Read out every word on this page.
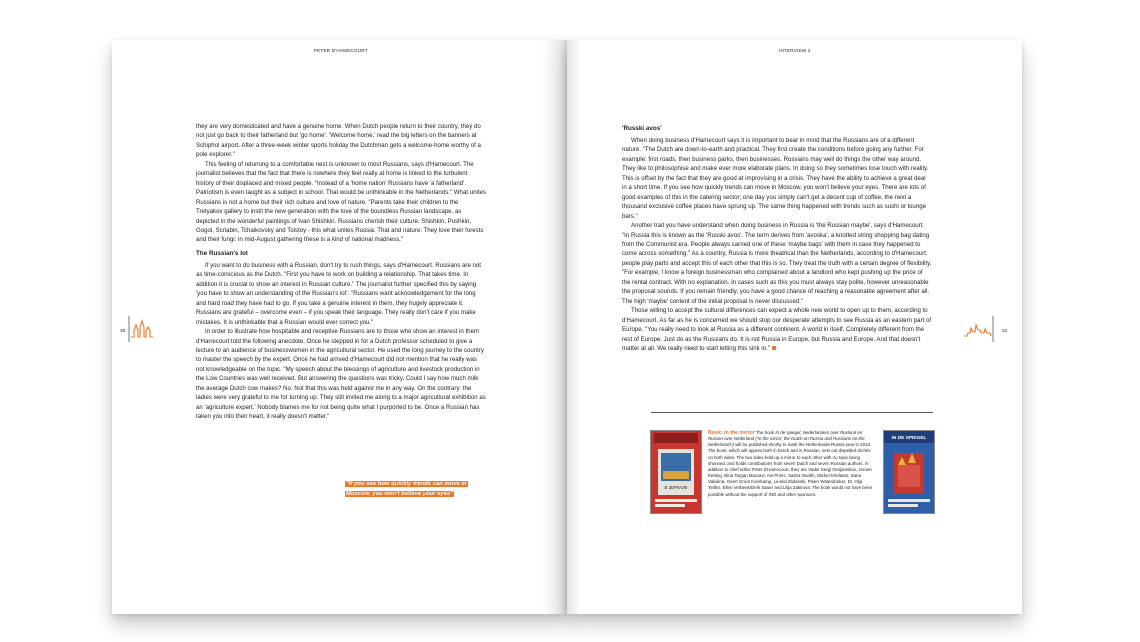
PETER D'HAMECOURT

they are very domesticated and have a genuine home. When Dutch people return to their country, they do not just go back to their fatherland but 'go home'. 'Welcome home,' read the big letters on the banners at Schiphol airport. After a three-week winter sports holiday the Dutchman gets a welcome-home worthy of a pole explorer."

This feeling of returning to a comfortable nest is unknown to most Russians, says d'Hamecourt. The journalist believes that the fact that there is nowhere they feel really at home is linked to the turbulent history of their displaced and mixed people. "Instead of a 'home nation' Russians have 'a fatherland'. Patriotism is even taught as a subject in school. That would be unthinkable in the Netherlands." What unites Russians is not a home but their rich culture and love of nature. "Parents take their children to the Tretyakov gallery to instil the new generation with the love of the boundless Russian landscape, as depicted in the wonderful paintings of Ivan Shishkin. Russians cherish their culture. Shishkin, Pushkin, Gogol, Scriabin, Tchaikovsky and Tolstoy - this what unites Russia. That and nature. They love their forests and their fungi: in mid-August gathering these is a kind of national madness."

The Russian's lot

If you want to do business with a Russian, don't try to rush things, says d'Hamecourt. Russians are not as time-conscious as the Dutch. "First you have to work on building a relationship. That takes time. In addition it is crucial to show an interest in Russian culture." The journalist further specified this by saying 'you have to show an understanding of the Russian's lot'. "Russians want acknowledgement for the long and hard road they have had to go. If you take a genuine interest in them, they hugely appreciate it. Russians are grateful – overcome even – if you speak their language. They really don't care if you make mistakes. It is unthinkable that a Russian would ever correct you."

In order to illustrate how hospitable and receptive Russians are to those who show an interest in them d'Harrecourt told the following anecdote. Once he stepped in for a Dutch professor scheduled to give a lecture to an audience of businesswomen in the agricultural sector. He used the long journey to the country to master the speech by the expert. Once he had arrived d'Hamecourt did not mention that he really was not knowledgeable on the topic. "My speech about the blessings of agriculture and livestock production in the Low Countries was well received. But answering the questions was tricky. Could I say how much milk the average Dutch cow makes? No. Not that this was held against me in any way. On the contrary: the ladies were very grateful to me for turning up. They still invited me along to a major agricultural exhibition as an 'agriculture expert.' Nobody blames me for not being quite what I purported to be. Once a Russian has taken you into their heart, it really doesn't matter."

"If you see how quickly trends can move in Moscow, you won't believe your eyes"
30
INTERVIEW 2
'Russki avos'

When doing business d'Hamecourt says it is important to bear in mind that the Russians are of a different nature. "The Dutch are down-to-earth and practical. They first create the conditions before going any further. For example: first roads, then business parks, then businesses. Russians may well do things the other way around. They like to philosophise and make ever more elaborate plans. In doing so they sometimes lose touch with reality. This is offset by the fact that they are good at improvising in a crisis. They have the ability to achieve a great deal in a short time. If you see how quickly trends can move in Moscow, you won't believe your eyes. There are lots of good examples of this in the catering sector; one day you simply can't get a decent cup of coffee, the next a thousand exclusive coffee places have sprung up. The same thing happened with trends such as sushi or lounge bars."

Another trait you have understand when doing business in Russia is 'the Russian maybe', says d'Hamecourt. "In Russia this is known as the 'Russki avos'. The term derives from 'avoska', a knotted string shopping bag dating from the Communist era. People always carried one of these 'maybe bags' with them in case they happened to come across something." As a country, Russia is more theatrical than the Netherlands, according to d'Hamecourt; people play parts and accept this of each other that this is so. They treat the truth with a certain degree of flexibility. "For example, I know a foreign businessman who complained about a landlord who kept pushing up the price of the rental contract. With no explanation. In cases such as this you must always stay polite, however unreasonable the proposal sounds. If you remain friendly, you have a good chance of reaching a reasonable agreement after all. The high 'maybe' content of the initial proposal is never discussed."

Those willing to accept the cultural differences can expect a whole new world to open up to them, according to d'Hamecourt. As far as he is concerned we should stop our desperate attempts to see Russia as an eastern part of Europe. "You really need to look at Russia as a different continent. A world in itself. Completely different from the rest of Europe. Just do as the Russians do. It is not Russia in Europe, but Russia and Europe. And that doesn't matter at all. We really need to start letting this sink in."

В ЗЕРКАЛЕ
Book: In the mirror The book In de spiegel, Nederlanders over Rusland en Russen over Nederland ('In the mirror; the Dutch on Russia and Russians on the Netherlands') will be published shortly to mark the Netherlands-Russia year in 2013. The book, which will appear both in Dutch and in Russian, sets out dispelled clichés on both sides. The two sides hold up a mirror to each other with no topic being shunned, and holds contributions from seven Dutch and seven Russian authors. In addition to chief editor Peter d'Hamecourt, they are Vader Sergi Ovsjannikov, Jeroen Ketting, Nina Targan Mouravi, Ani Prims, Sasha Ourikh, Michel Krielaars, Sana Valiulina, Geert Groot Koerkamp, Leonid Zlobinski, Pieter Waterdrinker, Dr. Olja Teillez, Ellen Verbeek/Derk Sauer and Lilija Zakirova. The book would not have been possible without the support of INO and other sponsors.
IN DE SPIEGEL
31
